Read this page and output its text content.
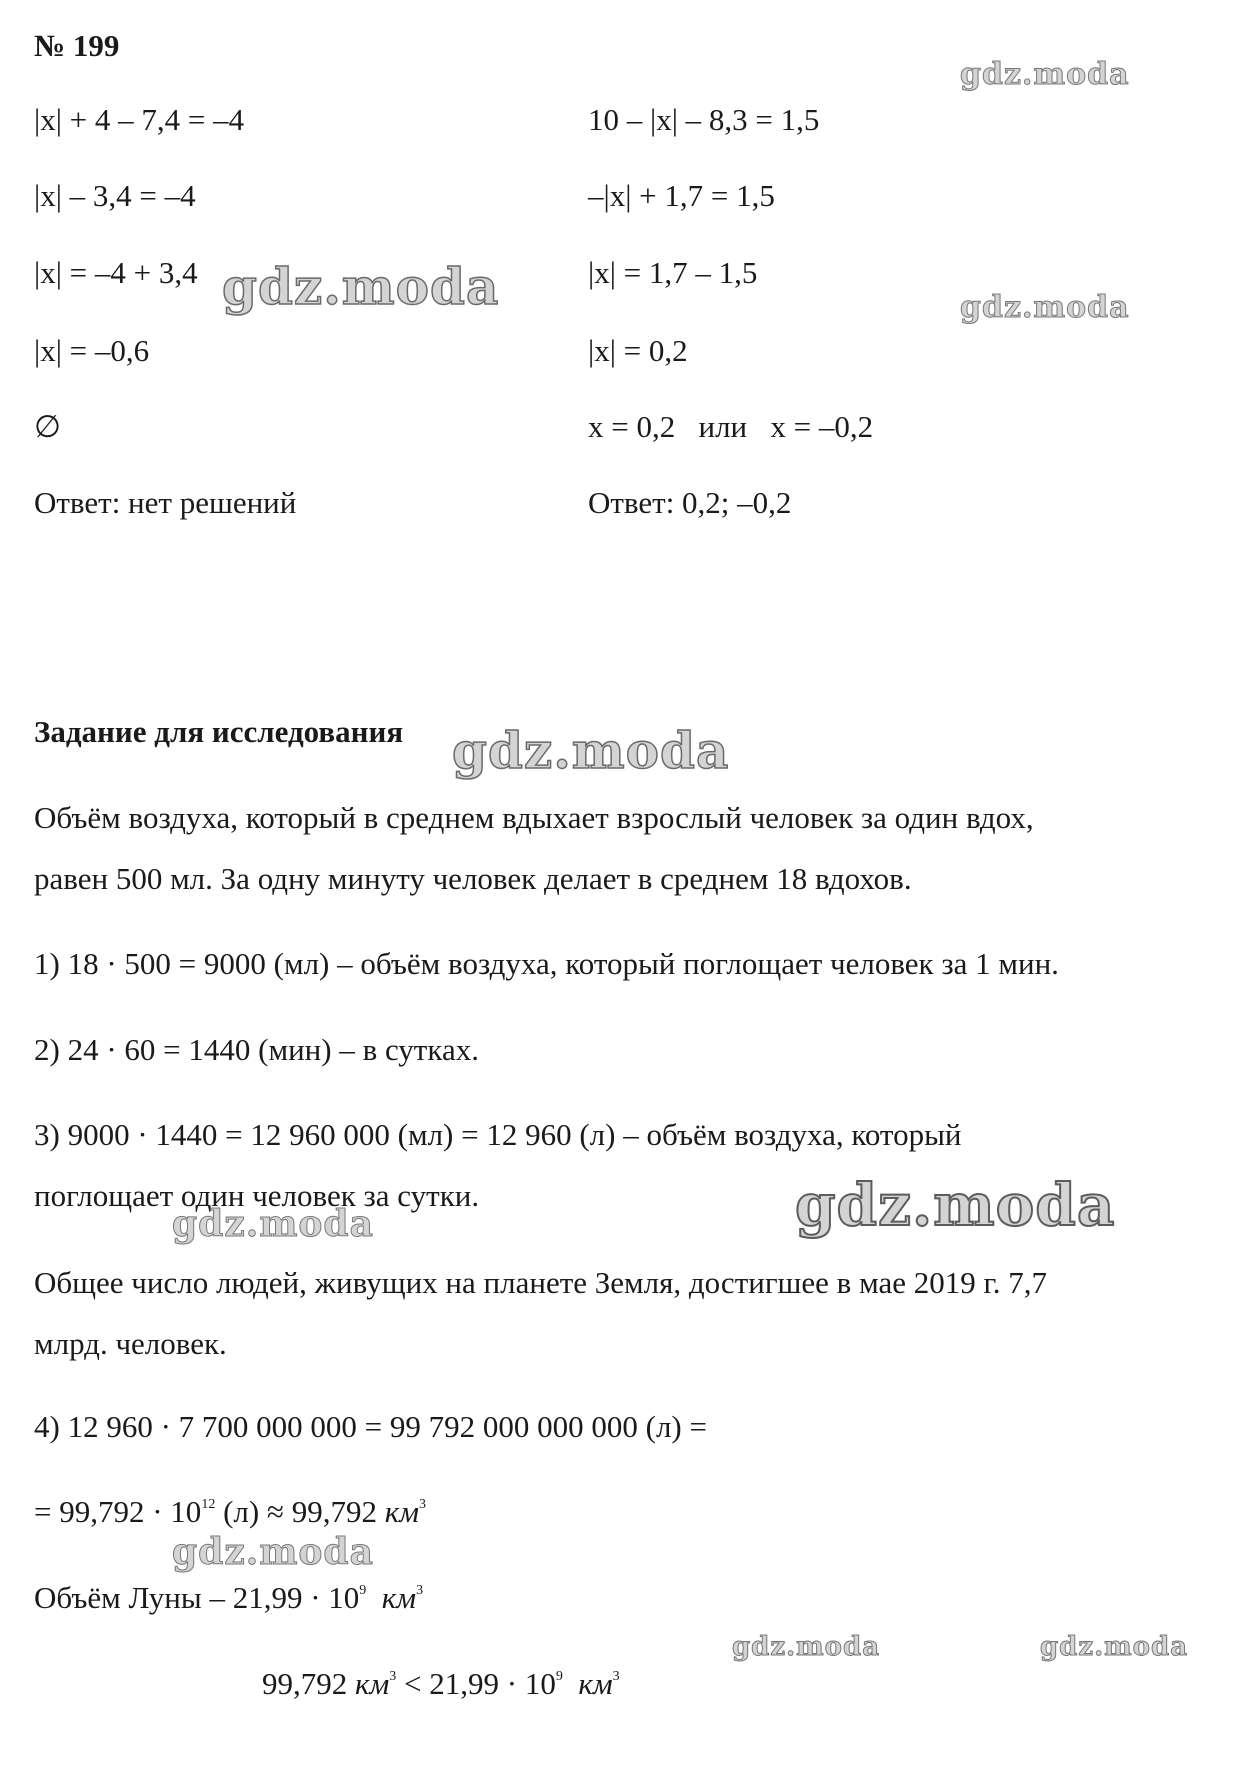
№ 199
|x| + 4 – 7,4 = –4
|x| – 3,4 = –4
|x| = –4 + 3,4
|x| = –0,6
∅
Ответ: нет решений
10 – |x| – 8,3 = 1,5
–|x| + 1,7 = 1,5
|x| = 1,7 – 1,5
|x| = 0,2
x = 0,2   или   x = –0,2
Ответ: 0,2; –0,2
Задание для исследования
Объём воздуха, который в среднем вдыхает взрослый человек за один вдох,
равен 500 мл. За одну минуту человек делает в среднем 18 вдохов.
1) 18 · 500 = 9000 (мл) – объём воздуха, который поглощает человек за 1 мин.
2) 24 · 60 = 1440 (мин) – в сутках.
3) 9000 · 1440 = 12 960 000 (мл) = 12 960 (л) – объём воздуха, который
поглощает один человек за сутки.
Общее число людей, живущих на планете Земля, достигшее в мае 2019 г. 7,7
млрд. человек.
4) 12 960 · 7 700 000 000 = 99 792 000 000 000 (л) =
= $99,792 \cdot 10^{12}$ (л) ≈ 99,792 $км^3$
Объём Луны – $21,99 \cdot 10^9$ $км^3$
99,792 $км^3 < 21,99 \cdot 10^9$ $км^3$
gdz.moda
gdz.moda	gdz.moda
gdz.moda
gdz.moda	gdz.moda
gdz.moda
gdz.moda	gdz.moda
